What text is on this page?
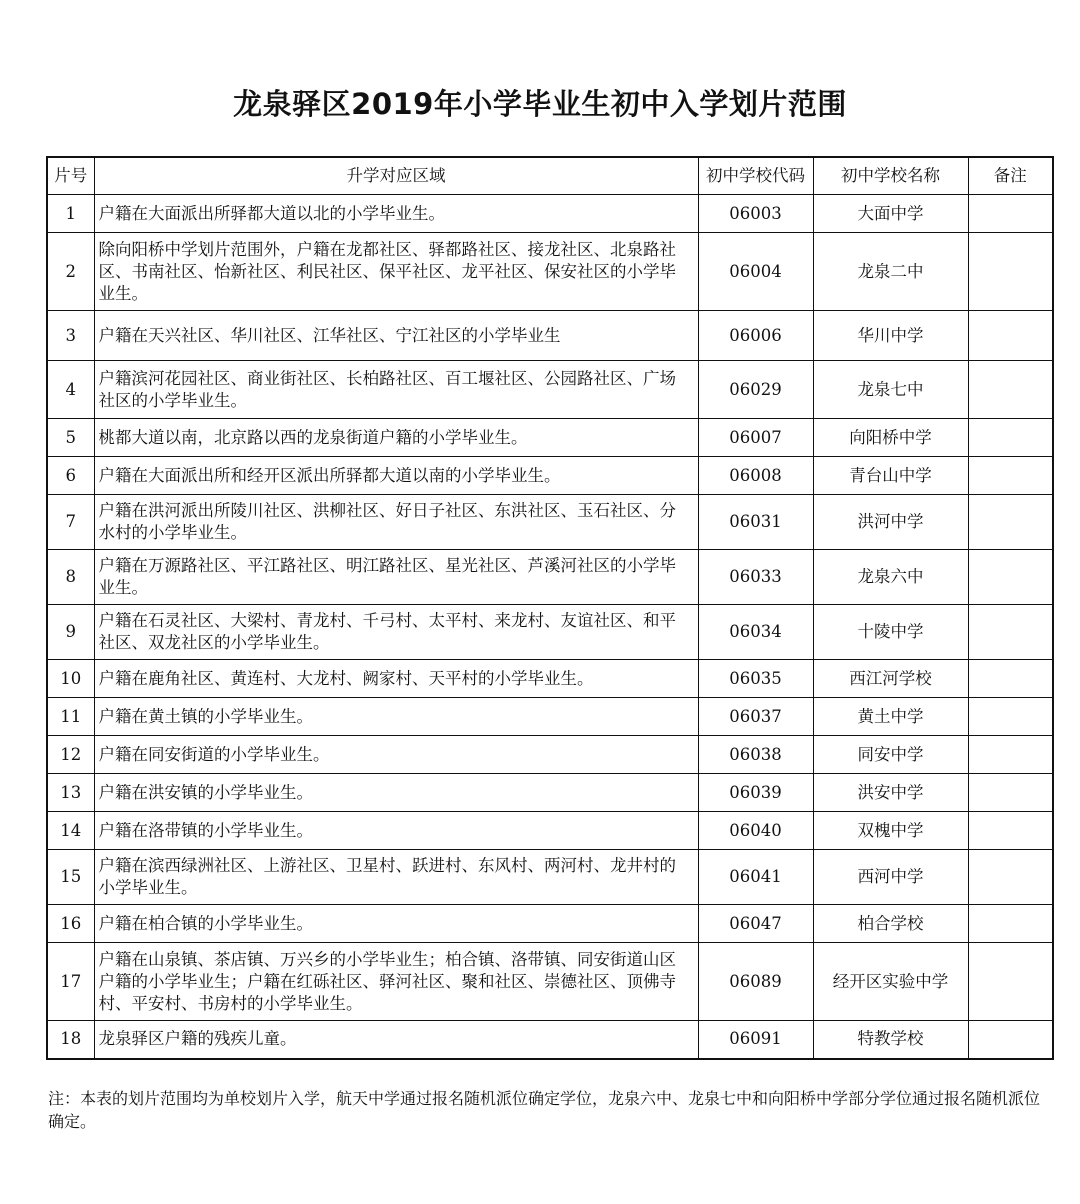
龙泉驿区2019年小学毕业生初中入学划片范围
片号	升学对应区域	初中学校代码	初中学校名称	备注
1	户籍在大面派出所驿都大道以北的小学毕业生。	06003	大面中学	
2	除向阳桥中学划片范围外，户籍在龙都社区、驿都路社区、接龙社区、北泉路社区、书南社区、怡新社区、利民社区、保平社区、龙平社区、保安社区的小学毕业生。	06004	龙泉二中	
3	户籍在天兴社区、华川社区、江华社区、宁江社区的小学毕业生	06006	华川中学	
4	户籍滨河花园社区、商业街社区、长柏路社区、百工堰社区、公园路社区、广场社区的小学毕业生。	06029	龙泉七中	
5	桃都大道以南，北京路以西的龙泉街道户籍的小学毕业生。	06007	向阳桥中学	
6	户籍在大面派出所和经开区派出所驿都大道以南的小学毕业生。	06008	青台山中学	
7	户籍在洪河派出所陵川社区、洪柳社区、好日子社区、东洪社区、玉石社区、分水村的小学毕业生。	06031	洪河中学	
8	户籍在万源路社区、平江路社区、明江路社区、星光社区、芦溪河社区的小学毕业生。	06033	龙泉六中	
9	户籍在石灵社区、大梁村、青龙村、千弓村、太平村、来龙村、友谊社区、和平社区、双龙社区的小学毕业生。	06034	十陵中学	
10	户籍在鹿角社区、黄连村、大龙村、阙家村、天平村的小学毕业生。	06035	西江河学校	
11	户籍在黄土镇的小学毕业生。	06037	黄土中学	
12	户籍在同安街道的小学毕业生。	06038	同安中学	
13	户籍在洪安镇的小学毕业生。	06039	洪安中学	
14	户籍在洛带镇的小学毕业生。	06040	双槐中学	
15	户籍在滨西绿洲社区、上游社区、卫星村、跃进村、东风村、两河村、龙井村的小学毕业生。	06041	西河中学	
16	户籍在柏合镇的小学毕业生。	06047	柏合学校	
17	户籍在山泉镇、茶店镇、万兴乡的小学毕业生；柏合镇、洛带镇、同安街道山区户籍的小学毕业生；户籍在红砾社区、驿河社区、聚和社区、崇德社区、顶佛寺村、平安村、书房村的小学毕业生。	06089	经开区实验中学	
18	龙泉驿区户籍的残疾儿童。	06091	特教学校	
注：本表的划片范围均为单校划片入学，航天中学通过报名随机派位确定学位，龙泉六中、龙泉七中和向阳桥中学部分学位通过报名随机派位确定。
